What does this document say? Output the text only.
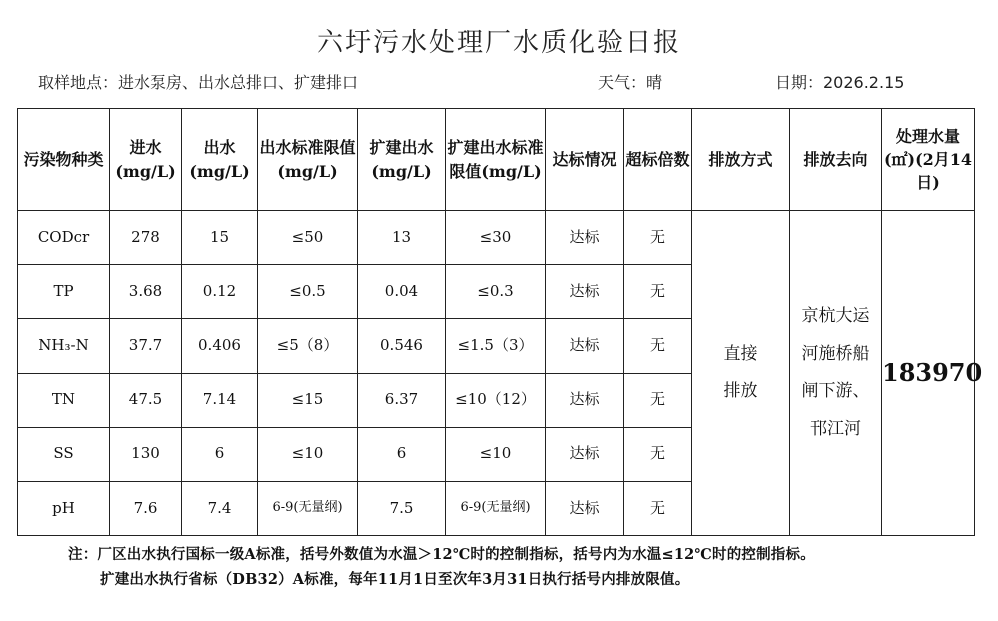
六圩污水处理厂水质化验日报
取样地点：进水泵房、出水总排口、扩建排口	天气：晴	日期：2026.2.15
污染物种类	进水(mg/L)	出水(mg/L)	出水标准限值(mg/L)	扩建出水(mg/L)	扩建出水标准限值(mg/L)	达标情况	超标倍数	排放方式	排放去向	处理水量(㎡)(2月14日)
CODcr	278	15	≤50	13	≤30	达标	无	直接排放	京杭大运河施桥船闸下游、邗江河	183970
TP	3.68	0.12	≤0.5	0.04	≤0.3	达标	无			
NH₃-N	37.7	0.406	≤5（8）	0.546	≤1.5（3）	达标	无			
TN	47.5	7.14	≤15	6.37	≤10（12）	达标	无			
SS	130	6	≤10	6	≤10	达标	无			
pH	7.6	7.4	6-9(无量纲)	7.5	6-9(无量纲)	达标	无			
注：厂区出水执行国标一级A标准，括号外数值为水温＞12℃时的控制指标，括号内为水温≤12℃时的控制指标。
扩建出水执行省标（DB32）A标准，每年11月1日至次年3月31日执行括号内排放限值。
